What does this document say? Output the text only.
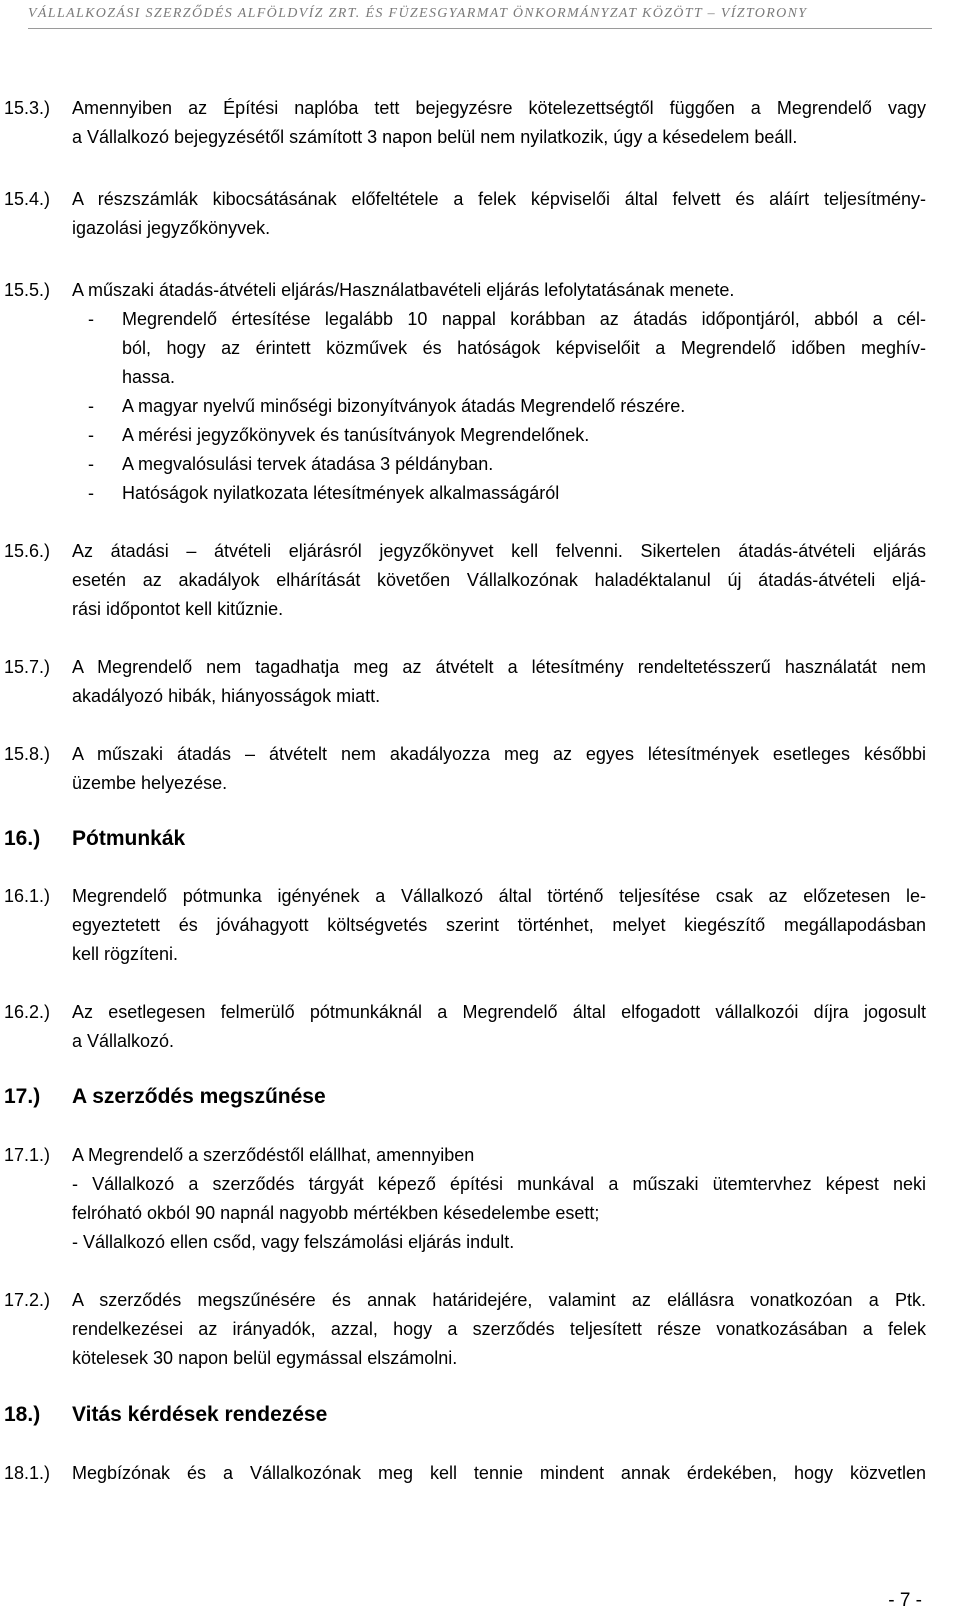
VÁLLALKOZÁSI SZERZŐDÉS ALFÖLDVÍZ ZRT. ÉS FÜZESGYARMAT ÖNKORMÁNYZAT KÖZÖTT – VÍZTORONY
15.3.) Amennyiben az Építési naplóba tett bejegyzésre kötelezettségtől függően a Megrendelő vagy
a Vállalkozó bejegyzésétől számított 3 napon belül nem nyilatkozik, úgy a késedelem beáll.
15.4.) A részszámlák kibocsátásának előfeltétele a felek képviselői által felvett és aláírt teljesítmény-
igazolási jegyzőkönyvek.
15.5.) A műszaki átadás-átvételi eljárás/Használatbavételi eljárás lefolytatásának menete.
- Megrendelő értesítése legalább 10 nappal korábban az átadás időpontjáról, abból a cél-
ból, hogy az érintett közművek és hatóságok képviselőit a Megrendelő időben meghív-
hassa.
- A magyar nyelvű minőségi bizonyítványok átadás Megrendelő részére.
- A mérési jegyzőkönyvek és tanúsítványok Megrendelőnek.
- A megvalósulási tervek átadása 3 példányban.
- Hatóságok nyilatkozata létesítmények alkalmasságáról
15.6.) Az átadási – átvételi eljárásról jegyzőkönyvet kell felvenni. Sikertelen átadás-átvételi eljárás
esetén az akadályok elhárítását követően Vállalkozónak haladéktalanul új átadás-átvételi eljá-
rási időpontot kell kitűznie.
15.7.) A Megrendelő nem tagadhatja meg az átvételt a létesítmény rendeltetésszerű használatát nem
akadályozó hibák, hiányosságok miatt.
15.8.) A műszaki átadás – átvételt nem akadályozza meg az egyes létesítmények esetleges későbbi
üzembe helyezése.
16.) Pótmunkák
16.1.) Megrendelő pótmunka igényének a Vállalkozó által történő teljesítése csak az előzetesen le-
egyeztetett és jóváhagyott költségvetés szerint történhet, melyet kiegészítő megállapodásban
kell rögzíteni.
16.2.) Az esetlegesen felmerülő pótmunkáknál a Megrendelő által elfogadott vállalkozói díjra jogosult
a Vállalkozó.
17.) A szerződés megszűnése
17.1.) A Megrendelő a szerződéstől elállhat, amennyiben
- Vállalkozó a szerződés tárgyát képező építési munkával a műszaki ütemtervhez képest neki
felróható okból 90 napnál nagyobb mértékben késedelembe esett;
- Vállalkozó ellen csőd, vagy felszámolási eljárás indult.
17.2.) A szerződés megszűnésére és annak határidejére, valamint az elállásra vonatkozóan a Ptk.
rendelkezései az irányadók, azzal, hogy a szerződés teljesített része vonatkozásában a felek
kötelesek 30 napon belül egymással elszámolni.
18.) Vitás kérdések rendezése
18.1.) Megbízónak és a Vállalkozónak meg kell tennie mindent annak érdekében, hogy közvetlen
- 7 -
